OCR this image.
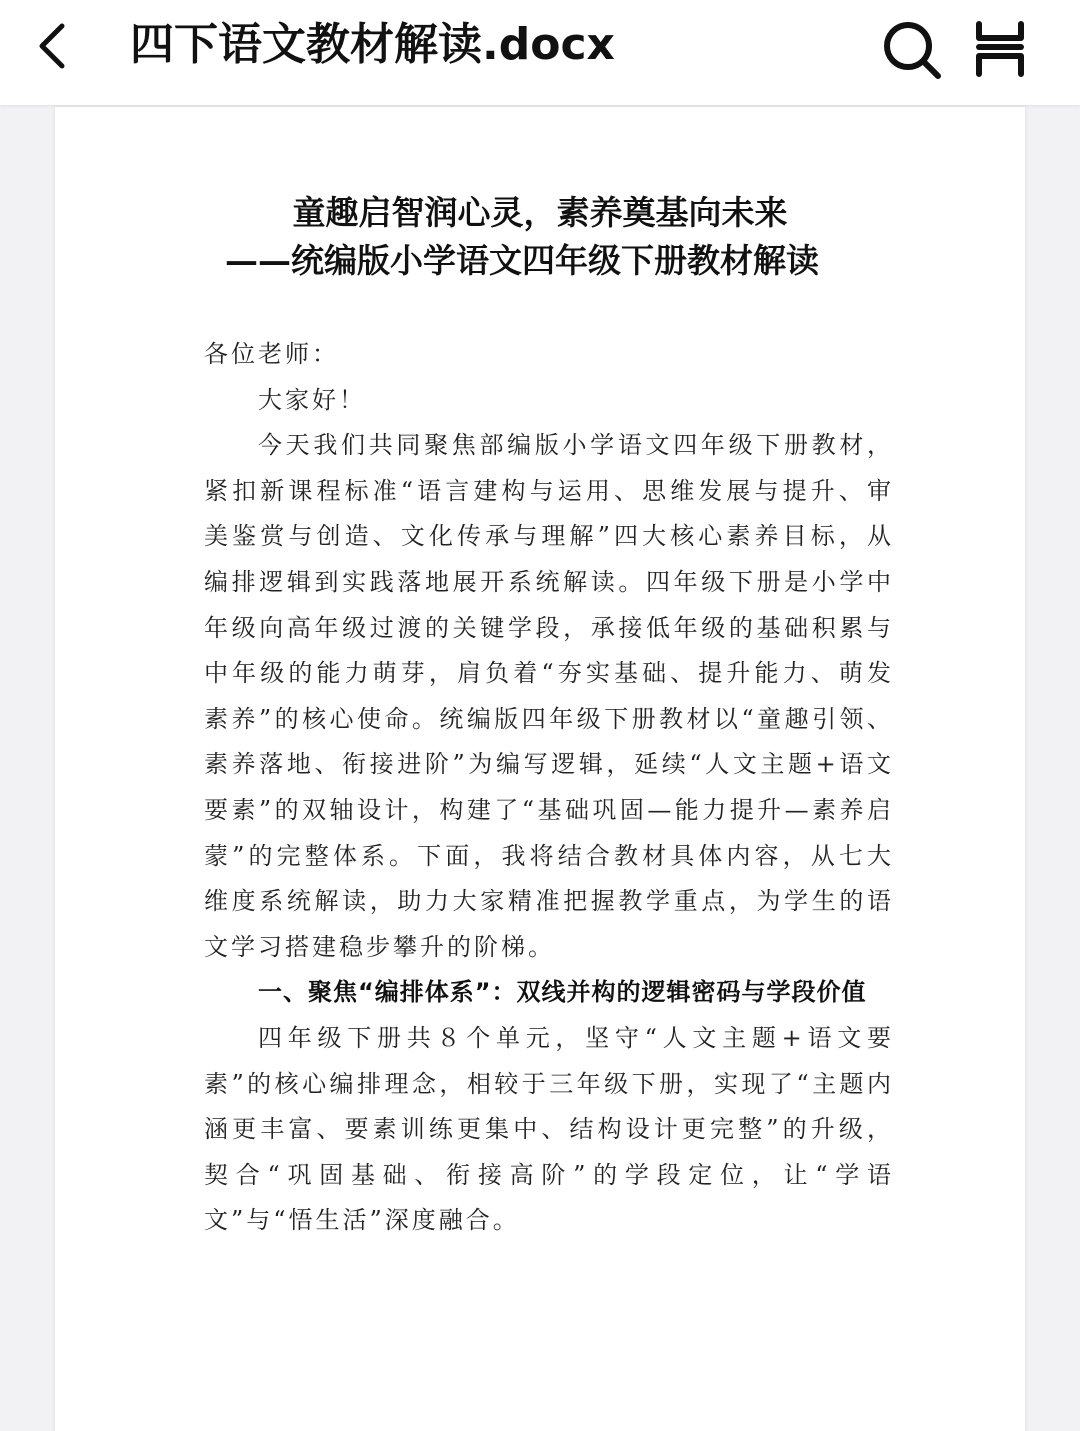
四下语文教材解读.docx
童趣启智润心灵，素养奠基向未来
——统编版小学语文四年级下册教材解读

各位老师：

大家好！

今天我们共同聚焦部编版小学语文四年级下册教材，紧扣新课程标准“语言建构与运用、思维发展与提升、审美鉴赏与创造、文化传承与理解”四大核心素养目标，从编排逻辑到实践落地展开系统解读。四年级下册是小学中年级向高年级过渡的关键学段，承接低年级的基础积累与中年级的能力萌芽，肩负着“夯实基础、提升能力、萌发素养”的核心使命。统编版四年级下册教材以“童趣引领、素养落地、衔接进阶”为编写逻辑，延续“人文主题+语文要素”的双轴设计，构建了“基础巩固—能力提升—素养启蒙”的完整体系。下面，我将结合教材具体内容，从七大维度系统解读，助力大家精准把握教学重点，为学生的语文学习搭建稳步攀升的阶梯。

一、聚焦“编排体系”：双线并构的逻辑密码与学段价值

四年级下册共８个单元，坚守“人文主题+语文要素”的核心编排理念，相较于三年级下册，实现了“主题内涵更丰富、要素训练更集中、结构设计更完整”的升级，契合“巩固基础、衔接高阶”的学段定位，让“学语文”与“悟生活”深度融合。
